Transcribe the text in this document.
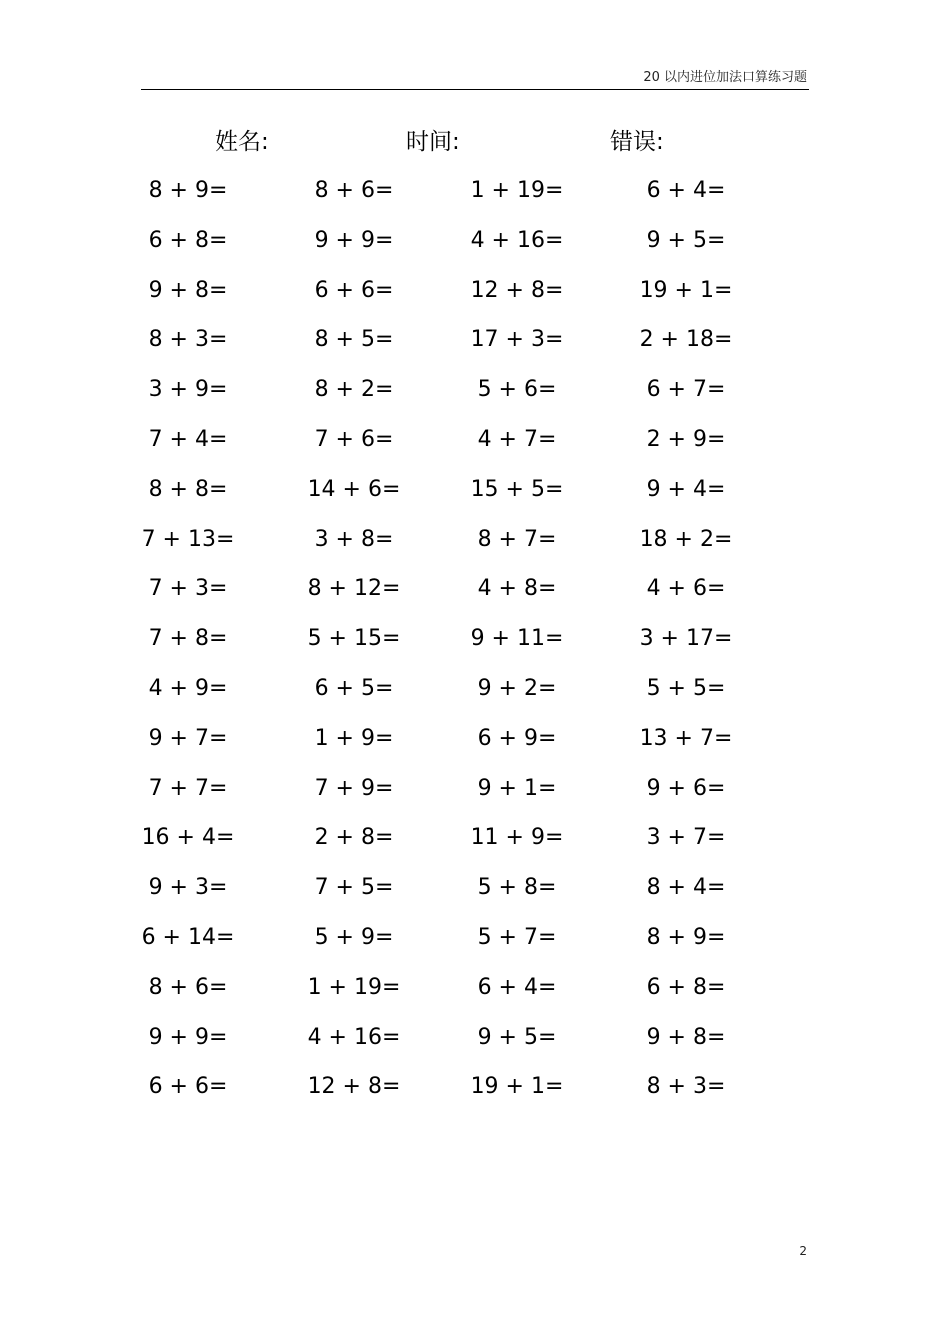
20 以内进位加法口算练习题
姓名:	时间:	错误:
8 + 9=	8 + 6=	1 + 19=	6 + 4=
6 + 8=	9 + 9=	4 + 16=	9 + 5=
9 + 8=	6 + 6=	12 + 8=	19 + 1=
8 + 3=	8 + 5=	17 + 3=	2 + 18=
3 + 9=	8 + 2=	5 + 6=	6 + 7=
7 + 4=	7 + 6=	4 + 7=	2 + 9=
8 + 8=	14 + 6=	15 + 5=	9 + 4=
7 + 13=	3 + 8=	8 + 7=	18 + 2=
7 + 3=	8 + 12=	4 + 8=	4 + 6=
7 + 8=	5 + 15=	9 + 11=	3 + 17=
4 + 9=	6 + 5=	9 + 2=	5 + 5=
9 + 7=	1 + 9=	6 + 9=	13 + 7=
7 + 7=	7 + 9=	9 + 1=	9 + 6=
16 + 4=	2 + 8=	11 + 9=	3 + 7=
9 + 3=	7 + 5=	5 + 8=	8 + 4=
6 + 14=	5 + 9=	5 + 7=	8 + 9=
8 + 6=	1 + 19=	6 + 4=	6 + 8=
9 + 9=	4 + 16=	9 + 5=	9 + 8=
6 + 6=	12 + 8=	19 + 1=	8 + 3=
2
